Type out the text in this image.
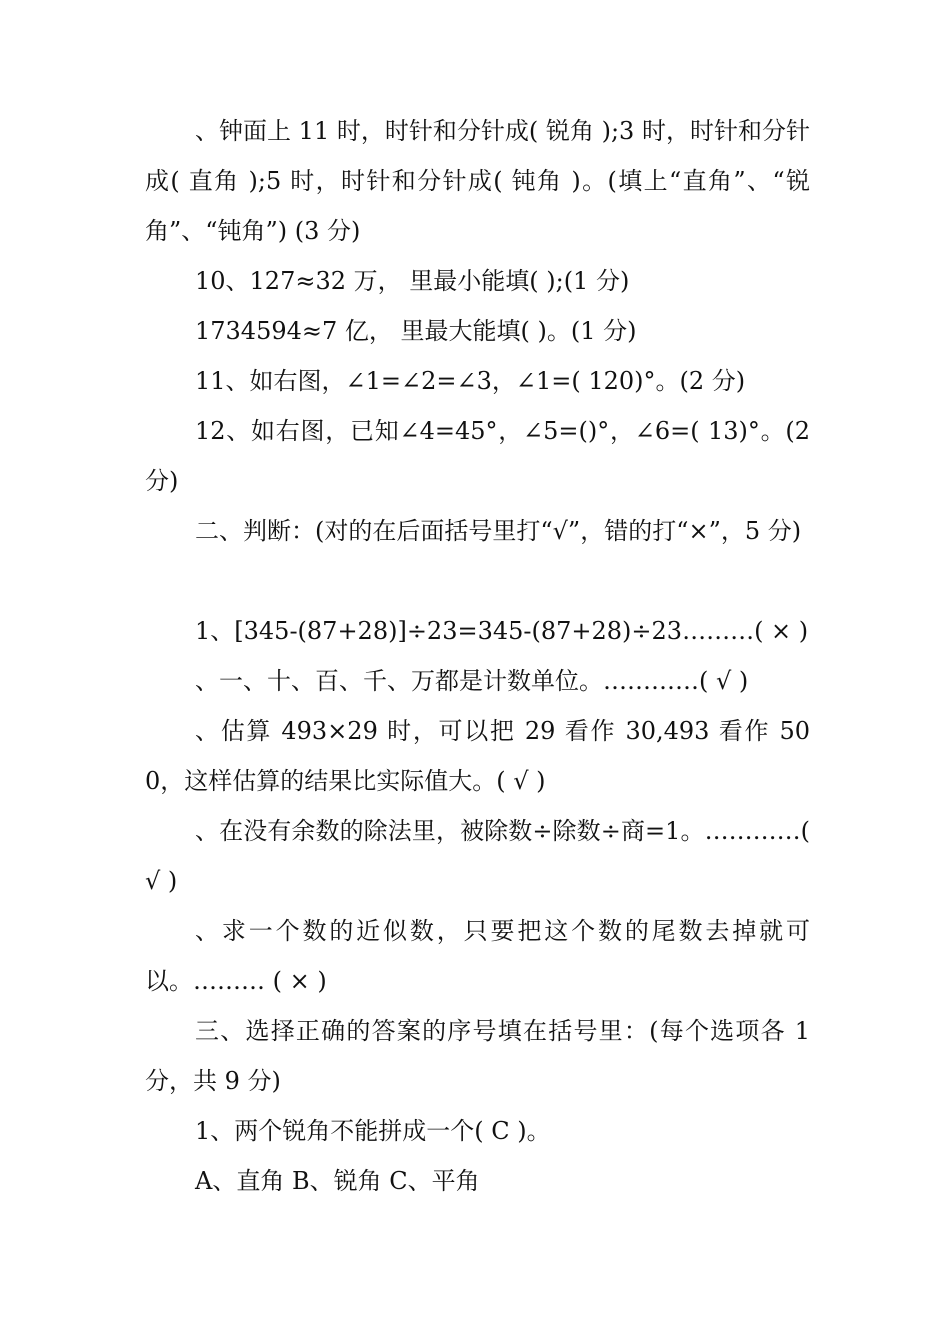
、钟面上 11 时，时针和分针成( 锐角 );3 时，时针和分针成( 直角 );5 时，时针和分针成( 钝角 )。(填上“直角”、“锐角”、“钝角”) (3 分)

10、127≈32 万， 里最小能填( );(1 分)

1734594≈7 亿， 里最大能填( )。(1 分)

11、如右图，∠1=∠2=∠3，∠1=( 120)°。(2 分)

12、如右图，已知∠4=45°，∠5=()°，∠6=( 13)°。(2 分)

二、判断：(对的在后面括号里打“√”，错的打“×”，5 分)

1、[345-(87+28)]÷23=345-(87+28)÷23………( × )

、一、十、百、千、万都是计数单位。…………( √ )

、估算 493×29 时，可以把 29 看作 30,493 看作 500，这样估算的结果比实际值大。( √ )

、在没有余数的除法里，被除数÷除数÷商=1。…………( √ )

、求一个数的近似数，只要把这个数的尾数去掉就可以。……… ( × )

三、选择正确的答案的序号填在括号里：(每个选项各 1 分，共 9 分)

1、两个锐角不能拼成一个( C )。

A、直角 B、锐角 C、平角
